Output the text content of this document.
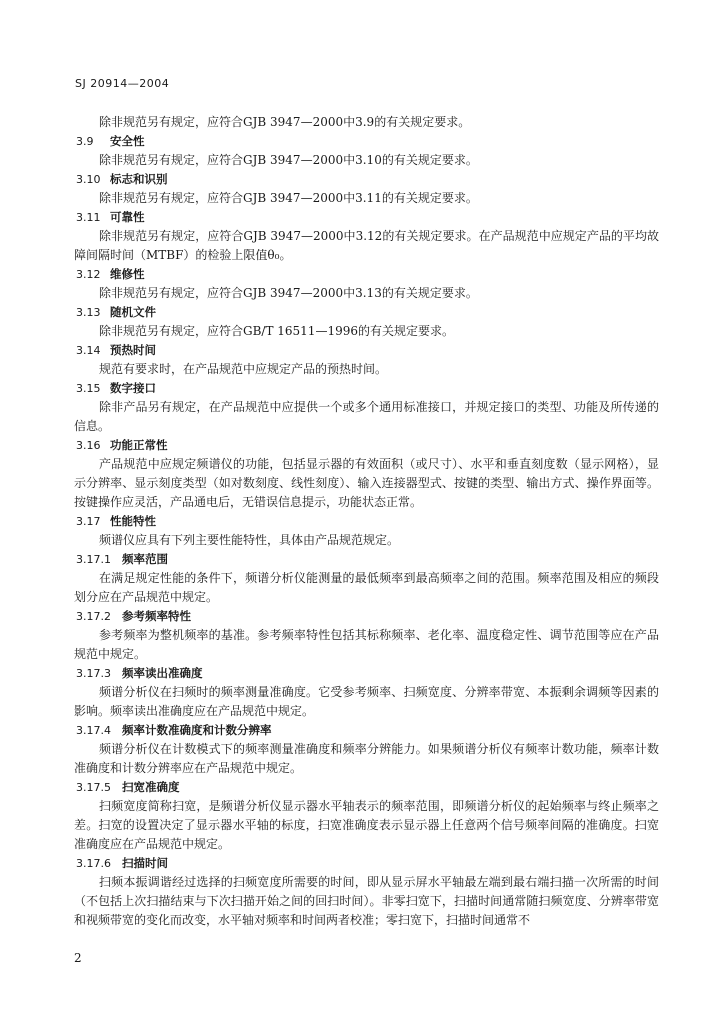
SJ 20914—2004
除非规范另有规定，应符合GJB 3947—2000中3.9的有关规定要求。
3.9 安全性
除非规范另有规定，应符合GJB 3947—2000中3.10的有关规定要求。
3.10 标志和识别
除非规范另有规定，应符合GJB 3947—2000中3.11的有关规定要求。
3.11 可靠性
除非规范另有规定，应符合GJB 3947—2000中3.12的有关规定要求。在产品规范中应规定产品的平均故障间隔时间（MTBF）的检验上限值θ₀。
3.12 维修性
除非规范另有规定，应符合GJB 3947—2000中3.13的有关规定要求。
3.13 随机文件
除非规范另有规定，应符合GB/T 16511—1996的有关规定要求。
3.14 预热时间
规范有要求时，在产品规范中应规定产品的预热时间。
3.15 数字接口
除非产品另有规定，在产品规范中应提供一个或多个通用标准接口，并规定接口的类型、功能及所传递的信息。
3.16 功能正常性
产品规范中应规定频谱仪的功能，包括显示器的有效面积（或尺寸）、水平和垂直刻度数（显示网格），显示分辨率、显示刻度类型（如对数刻度、线性刻度）、输入连接器型式、按键的类型、输出方式、操作界面等。按键操作应灵活，产品通电后，无错误信息提示，功能状态正常。
3.17 性能特性
频谱仪应具有下列主要性能特性，具体由产品规范规定。
3.17.1 频率范围
在满足规定性能的条件下，频谱分析仪能测量的最低频率到最高频率之间的范围。频率范围及相应的频段划分应在产品规范中规定。
3.17.2 参考频率特性
参考频率为整机频率的基准。参考频率特性包括其标称频率、老化率、温度稳定性、调节范围等应在产品规范中规定。
3.17.3 频率读出准确度
频谱分析仪在扫频时的频率测量准确度。它受参考频率、扫频宽度、分辨率带宽、本振剩余调频等因素的影响。频率读出准确度应在产品规范中规定。
3.17.4 频率计数准确度和计数分辨率
频谱分析仪在计数模式下的频率测量准确度和频率分辨能力。如果频谱分析仪有频率计数功能，频率计数准确度和计数分辨率应在产品规范中规定。
3.17.5 扫宽准确度
扫频宽度简称扫宽，是频谱分析仪显示器水平轴表示的频率范围，即频谱分析仪的起始频率与终止频率之差。扫宽的设置决定了显示器水平轴的标度，扫宽准确度表示显示器上任意两个信号频率间隔的准确度。扫宽准确度应在产品规范中规定。
3.17.6 扫描时间
扫频本振调谐经过选择的扫频宽度所需要的时间，即从显示屏水平轴最左端到最右端扫描一次所需的时间（不包括上次扫描结束与下次扫描开始之间的回扫时间）。非零扫宽下，扫描时间通常随扫频宽度、分辨率带宽和视频带宽的变化而改变，水平轴对频率和时间两者校准；零扫宽下，扫描时间通常不
2
